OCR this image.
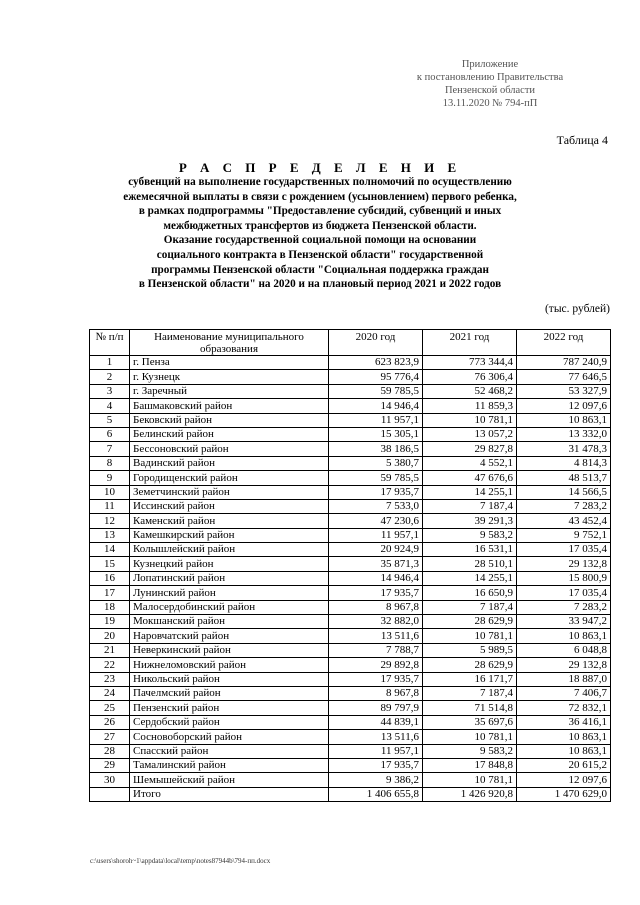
Приложение
к постановлению Правительства
Пензенской области
13.11.2020 № 794-пП
Таблица 4
Р А С П Р Е Д Е Л Е Н И Е
субвенций на выполнение государственных полномочий по осуществлению
ежемесячной выплаты в связи с рождением (усыновлением) первого ребенка,
в рамках подпрограммы "Предоставление субсидий, субвенций и иных
межбюджетных трансфертов из бюджета Пензенской области.
Оказание государственной социальной помощи на основании
социального контракта в Пензенской области" государственной
программы Пензенской области "Социальная поддержка граждан
в Пензенской области" на 2020 и на плановый период 2021 и 2022 годов
(тыс. рублей)
№ п/п	Наименование муниципального образования	2020 год	2021 год	2022 год
1	г. Пенза	623 823,9	773 344,4	787 240,9
2	г. Кузнецк	95 776,4	76 306,4	77 646,5
3	г. Заречный	59 785,5	52 468,2	53 327,9
4	Башмаковский район	14 946,4	11 859,3	12 097,6
5	Бековский район	11 957,1	10 781,1	10 863,1
6	Белинский район	15 305,1	13 057,2	13 332,0
7	Бессоновский район	38 186,5	29 827,8	31 478,3
8	Вадинский район	5 380,7	4 552,1	4 814,3
9	Городищенский район	59 785,5	47 676,6	48 513,7
10	Земетчинский район	17 935,7	14 255,1	14 566,5
11	Иссинский район	7 533,0	7 187,4	7 283,2
12	Каменский район	47 230,6	39 291,3	43 452,4
13	Камешкирский район	11 957,1	9 583,2	9 752,1
14	Колышлейский район	20 924,9	16 531,1	17 035,4
15	Кузнецкий район	35 871,3	28 510,1	29 132,8
16	Лопатинский район	14 946,4	14 255,1	15 800,9
17	Лунинский район	17 935,7	16 650,9	17 035,4
18	Малосердобинский район	8 967,8	7 187,4	7 283,2
19	Мокшанский район	32 882,0	28 629,9	33 947,2
20	Наровчатский район	13 511,6	10 781,1	10 863,1
21	Неверкинский район	7 788,7	5 989,5	6 048,8
22	Нижнеломовский район	29 892,8	28 629,9	29 132,8
23	Никольский район	17 935,7	16 171,7	18 887,0
24	Пачелмский район	8 967,8	7 187,4	7 406,7
25	Пензенский район	89 797,9	71 514,8	72 832,1
26	Сердобский район	44 839,1	35 697,6	36 416,1
27	Сосновоборский район	13 511,6	10 781,1	10 863,1
28	Спасский район	11 957,1	9 583,2	10 863,1
29	Тамалинский район	17 935,7	17 848,8	20 615,2
30	Шемышейский район	9 386,2	10 781,1	12 097,6
	Итого	1 406 655,8	1 426 920,8	1 470 629,0
c:\users\shoroh~1\appdata\local\temp\notes87944b\794-пп.docx
